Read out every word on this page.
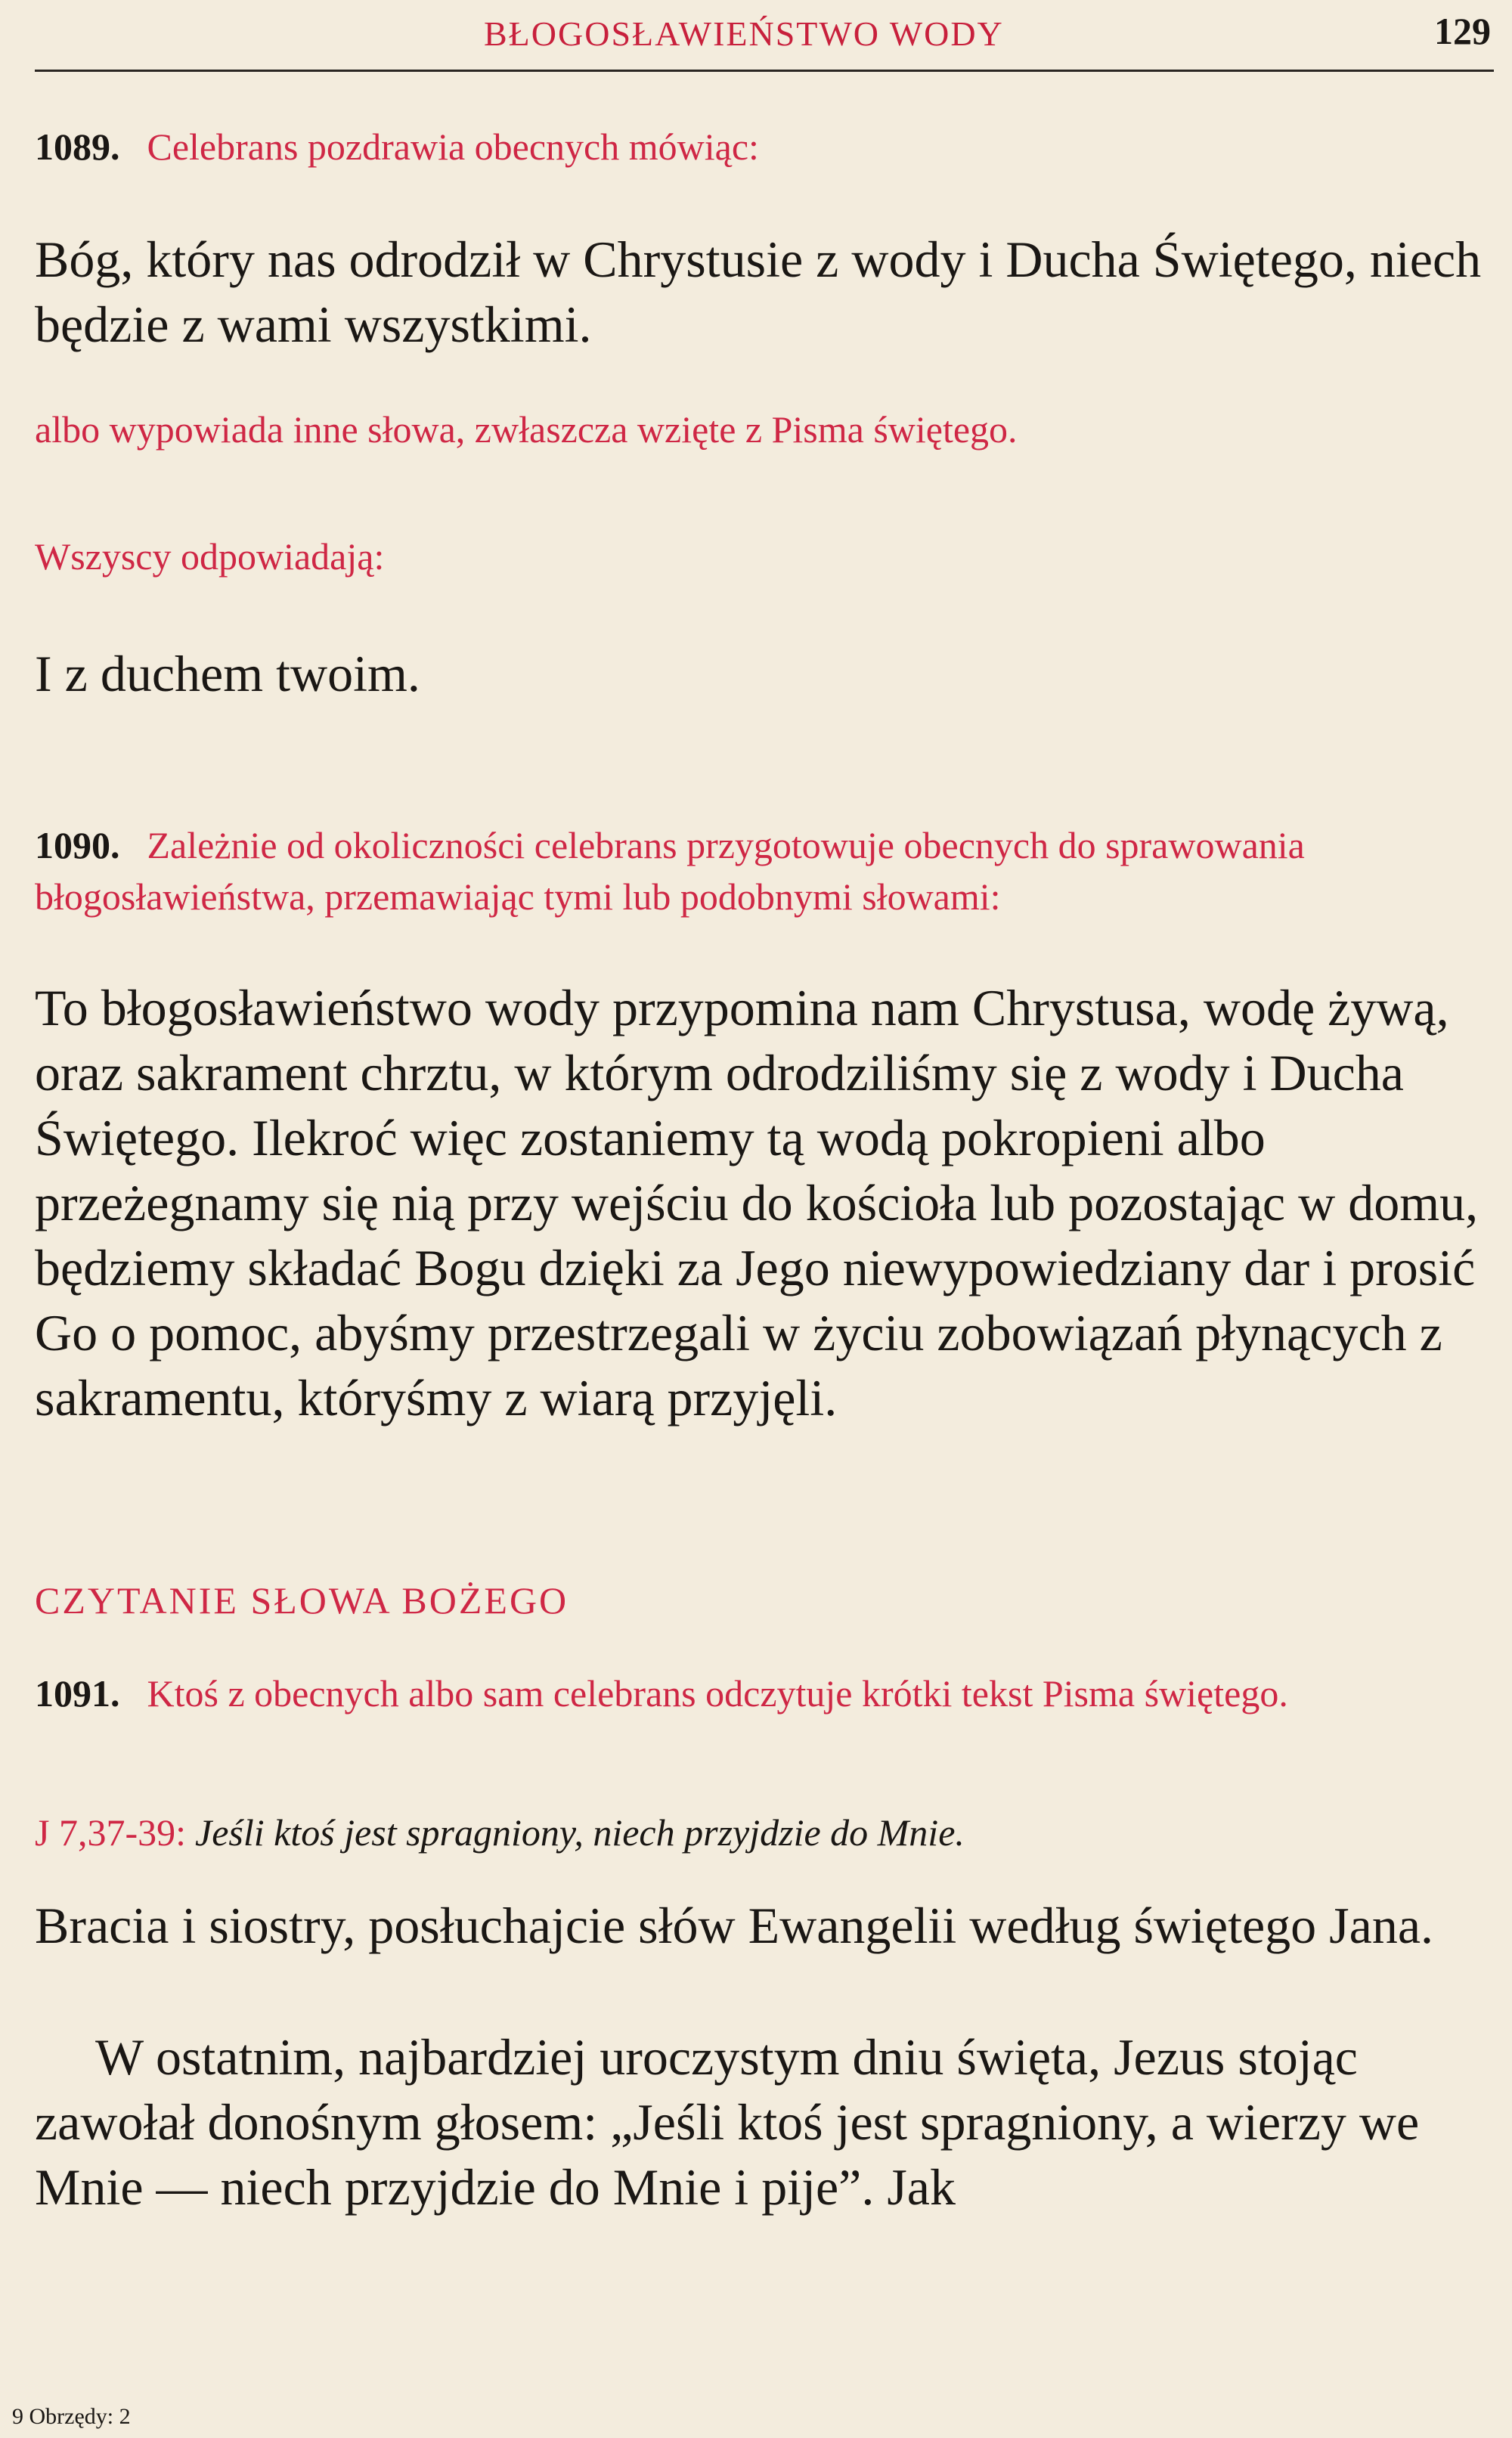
BŁOGOSŁAWIEŃSTWO WODY	129
1089. Celebrans pozdrawia obecnych mówiąc:
Bóg, który nas odrodził w Chrystusie z wody i Ducha Świętego, niech będzie z wami wszystkimi.
albo wypowiada inne słowa, zwłaszcza wzięte z Pisma świętego.
Wszyscy odpowiadają:
I z duchem twoim.
1090. Zależnie od okoliczności celebrans przygotowuje obecnych do sprawowania błogosławieństwa, przemawiając tymi lub podobnymi słowami:
To błogosławieństwo wody przypomina nam Chrystusa, wodę żywą, oraz sakrament chrztu, w którym odrodziliśmy się z wody i Ducha Świętego. Ilekroć więc zostaniemy tą wodą pokropieni albo przeżegnamy się nią przy wejściu do kościoła lub pozostając w domu, będziemy składać Bogu dzięki za Jego niewypowiedziany dar i prosić Go o pomoc, abyśmy przestrzegali w życiu zobowiązań płynących z sakramentu, któryśmy z wiarą przyjęli.
CZYTANIE SŁOWA BOŻEGO
1091. Ktoś z obecnych albo sam celebrans odczytuje krótki tekst Pisma świętego.
J 7,37-39: Jeśli ktoś jest spragniony, niech przyjdzie do Mnie.
Bracia i siostry, posłuchajcie słów Ewangelii według świętego Jana.
W ostatnim, najbardziej uroczystym dniu święta, Jezus stojąc zawołał donośnym głosem: „Jeśli ktoś jest spragniony, a wierzy we Mnie — niech przyjdzie do Mnie i pije”. Jak
9 Obrzędy: 2
